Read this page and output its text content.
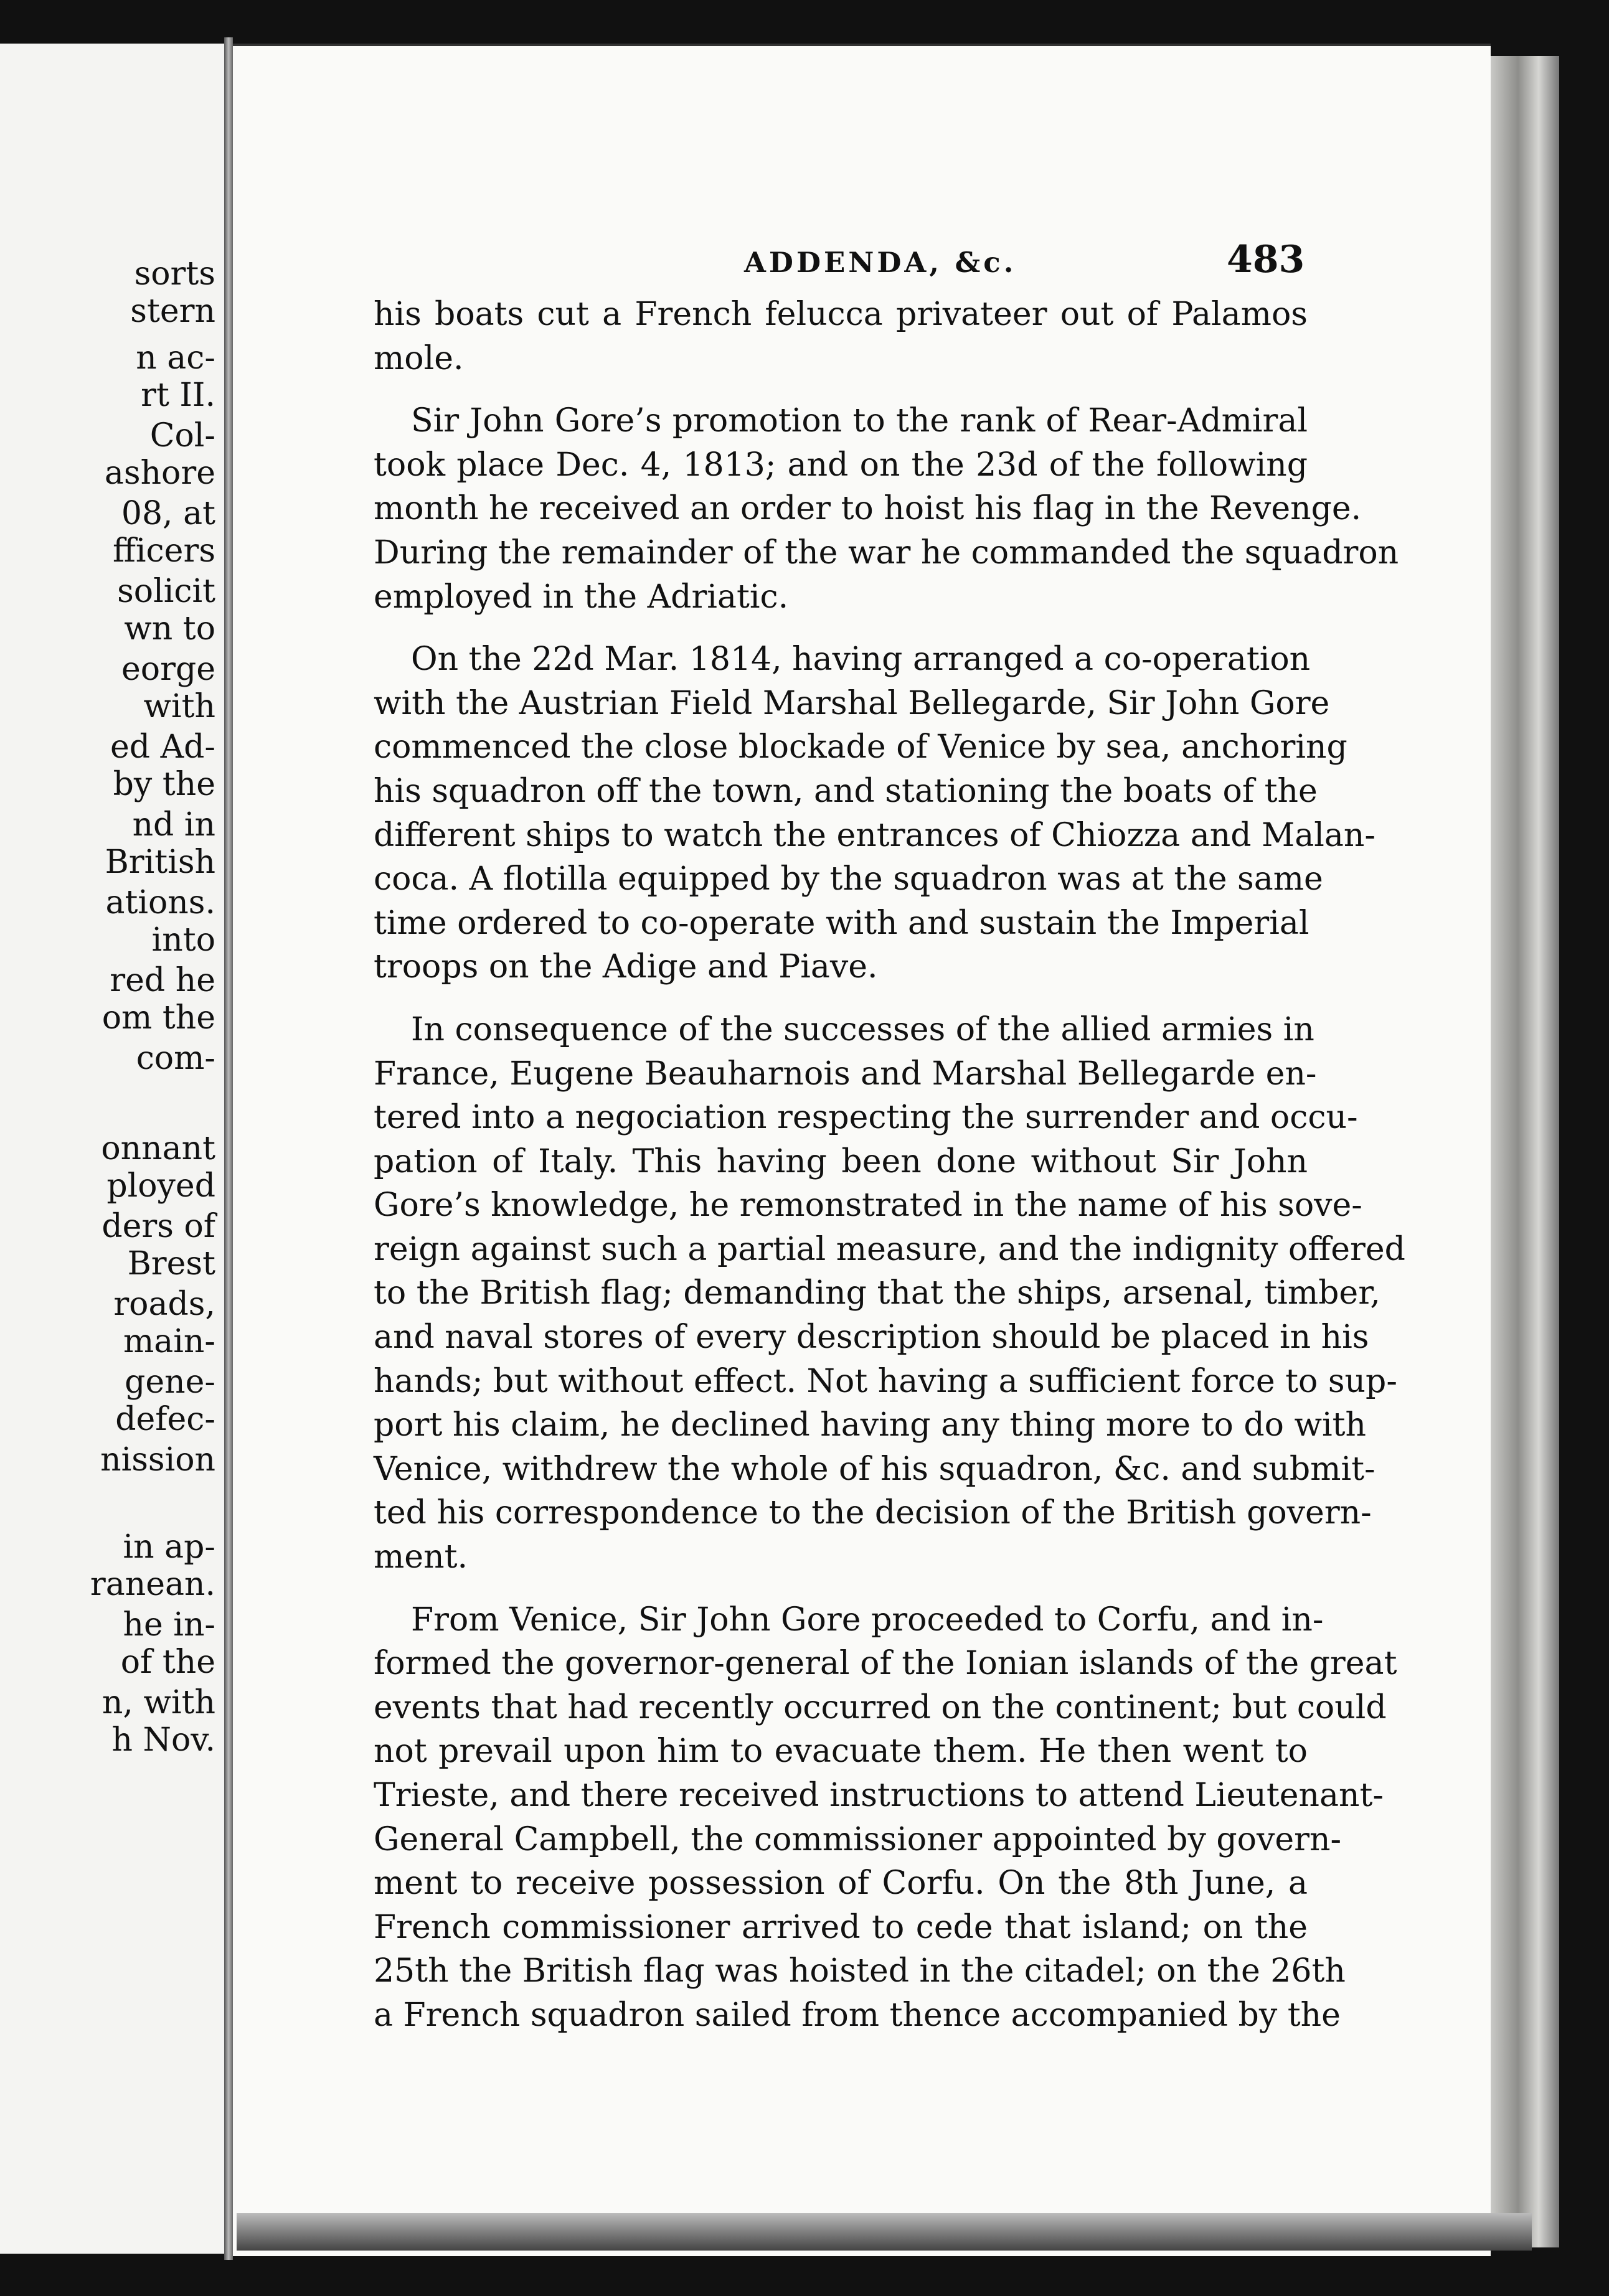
sorts
stern
n ac-
rt II.
Col-
ashore
08, at
fficers
solicit
wn to
eorge
with
ed Ad-
by the
nd in
British
ations.
into
red he
om the
com-
onnant
ployed
ders of
Brest
roads,
main-
gene-
defec-
nission
in ap-
ranean.
he in-
of the
n, with
h Nov.
ADDENDA, &c.	483
his boats cut a French felucca privateer out of Palamos
mole.
Sir John Gore’s promotion to the rank of Rear-Admiral
took place Dec. 4, 1813; and on the 23d of the following
month he received an order to hoist his flag in the Revenge.
During the remainder of the war he commanded the squadron
employed in the Adriatic.
On the 22d Mar. 1814, having arranged a co-operation
with the Austrian Field Marshal Bellegarde, Sir John Gore
commenced the close blockade of Venice by sea, anchoring
his squadron off the town, and stationing the boats of the
different ships to watch the entrances of Chiozza and Malan-
coca. A flotilla equipped by the squadron was at the same
time ordered to co-operate with and sustain the Imperial
troops on the Adige and Piave.
In consequence of the successes of the allied armies in
France, Eugene Beauharnois and Marshal Bellegarde en-
tered into a negociation respecting the surrender and occu-
pation of Italy. This having been done without Sir John
Gore’s knowledge, he remonstrated in the name of his sove-
reign against such a partial measure, and the indignity offered
to the British flag; demanding that the ships, arsenal, timber,
and naval stores of every description should be placed in his
hands; but without effect. Not having a sufficient force to sup-
port his claim, he declined having any thing more to do with
Venice, withdrew the whole of his squadron, &c. and submit-
ted his correspondence to the decision of the British govern-
ment.
From Venice, Sir John Gore proceeded to Corfu, and in-
formed the governor-general of the Ionian islands of the great
events that had recently occurred on the continent; but could
not prevail upon him to evacuate them. He then went to
Trieste, and there received instructions to attend Lieutenant-
General Campbell, the commissioner appointed by govern-
ment to receive possession of Corfu. On the 8th June, a
French commissioner arrived to cede that island; on the
25th the British flag was hoisted in the citadel; on the 26th
a French squadron sailed from thence accompanied by the
